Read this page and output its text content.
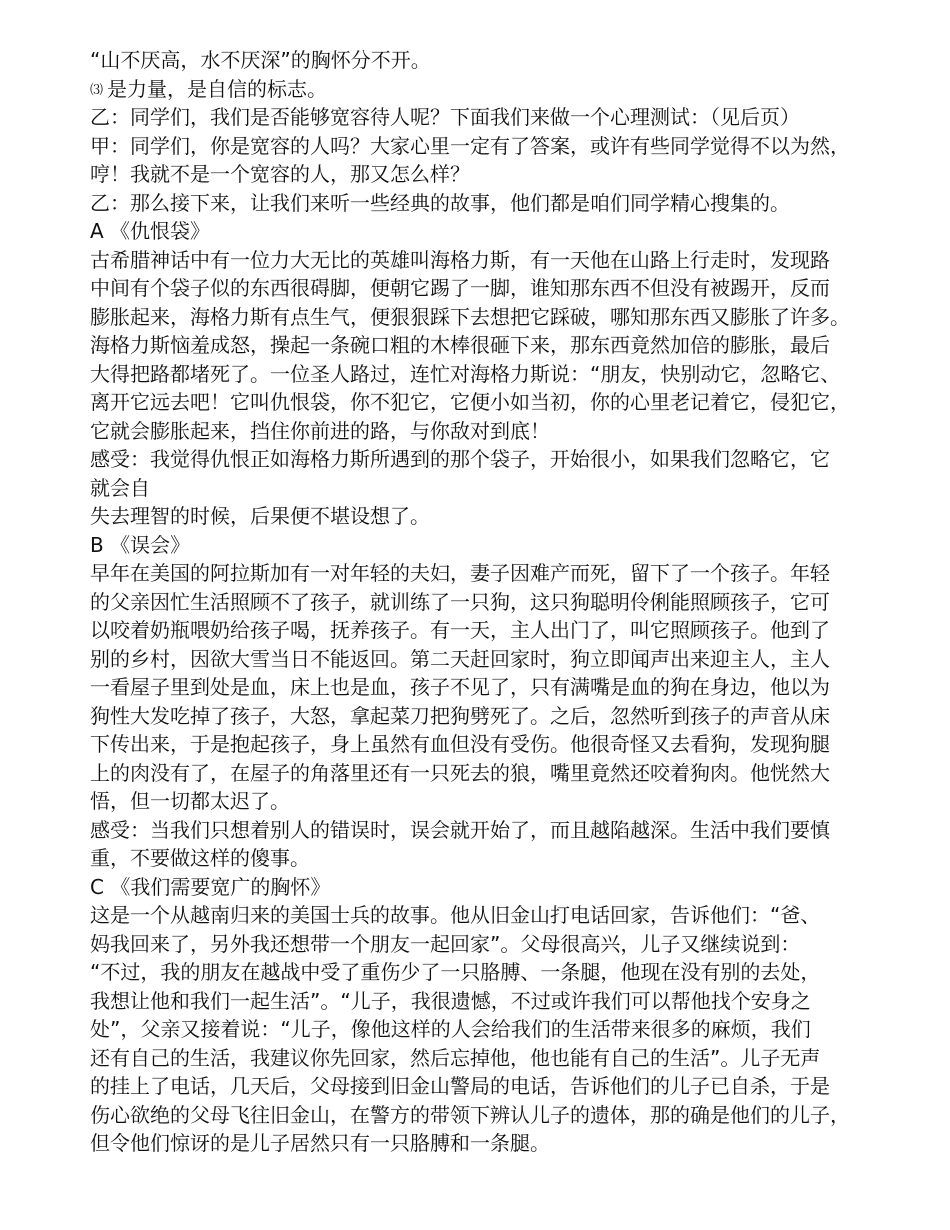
“山不厌高，水不厌深”的胸怀分不开。
⑶ 是力量，是自信的标志。
乙：同学们，我们是否能够宽容待人呢？下面我们来做一个心理测试：（见后页）
甲：同学们，你是宽容的人吗？大家心里一定有了答案，或许有些同学觉得不以为然，
哼！我就不是一个宽容的人，那又怎么样？
乙：那么接下来，让我们来听一些经典的故事，他们都是咱们同学精心搜集的。
A 《仇恨袋》
古希腊神话中有一位力大无比的英雄叫海格力斯，有一天他在山路上行走时，发现路
中间有个袋子似的东西很碍脚，便朝它踢了一脚，谁知那东西不但没有被踢开，反而
膨胀起来，海格力斯有点生气，便狠狠踩下去想把它踩破，哪知那东西又膨胀了许多。
海格力斯恼羞成怒，操起一条碗口粗的木棒很砸下来，那东西竟然加倍的膨胀，最后
大得把路都堵死了。一位圣人路过，连忙对海格力斯说：“朋友，快别动它，忽略它、
离开它远去吧！它叫仇恨袋，你不犯它，它便小如当初，你的心里老记着它，侵犯它，
它就会膨胀起来，挡住你前进的路，与你敌对到底！
感受：我觉得仇恨正如海格力斯所遇到的那个袋子，开始很小，如果我们忽略它，它
就会自
失去理智的时候，后果便不堪设想了。
B 《误会》
早年在美国的阿拉斯加有一对年轻的夫妇，妻子因难产而死，留下了一个孩子。年轻
的父亲因忙生活照顾不了孩子，就训练了一只狗，这只狗聪明伶俐能照顾孩子，它可
以咬着奶瓶喂奶给孩子喝，抚养孩子。有一天，主人出门了，叫它照顾孩子。他到了
别的乡村，因欲大雪当日不能返回。第二天赶回家时，狗立即闻声出来迎主人，主人
一看屋子里到处是血，床上也是血，孩子不见了，只有满嘴是血的狗在身边，他以为
狗性大发吃掉了孩子，大怒，拿起菜刀把狗劈死了。之后，忽然听到孩子的声音从床
下传出来，于是抱起孩子，身上虽然有血但没有受伤。他很奇怪又去看狗，发现狗腿
上的肉没有了，在屋子的角落里还有一只死去的狼，嘴里竟然还咬着狗肉。他恍然大
悟，但一切都太迟了。
感受：当我们只想着别人的错误时，误会就开始了，而且越陷越深。生活中我们要慎
重，不要做这样的傻事。
C 《我们需要宽广的胸怀》
这是一个从越南归来的美国士兵的故事。他从旧金山打电话回家，告诉他们：“爸、
妈我回来了，另外我还想带一个朋友一起回家”。父母很高兴，儿子又继续说到：
“不过，我的朋友在越战中受了重伤少了一只胳膊、一条腿，他现在没有别的去处，
我想让他和我们一起生活”。“儿子，我很遗憾，不过或许我们可以帮他找个安身之
处”，父亲又接着说：“儿子，像他这样的人会给我们的生活带来很多的麻烦，我们
还有自己的生活，我建议你先回家，然后忘掉他，他也能有自己的生活”。儿子无声
的挂上了电话，几天后，父母接到旧金山警局的电话，告诉他们的儿子已自杀，于是
伤心欲绝的父母飞往旧金山，在警方的带领下辨认儿子的遗体，那的确是他们的儿子，
但令他们惊讶的是儿子居然只有一只胳膊和一条腿。
